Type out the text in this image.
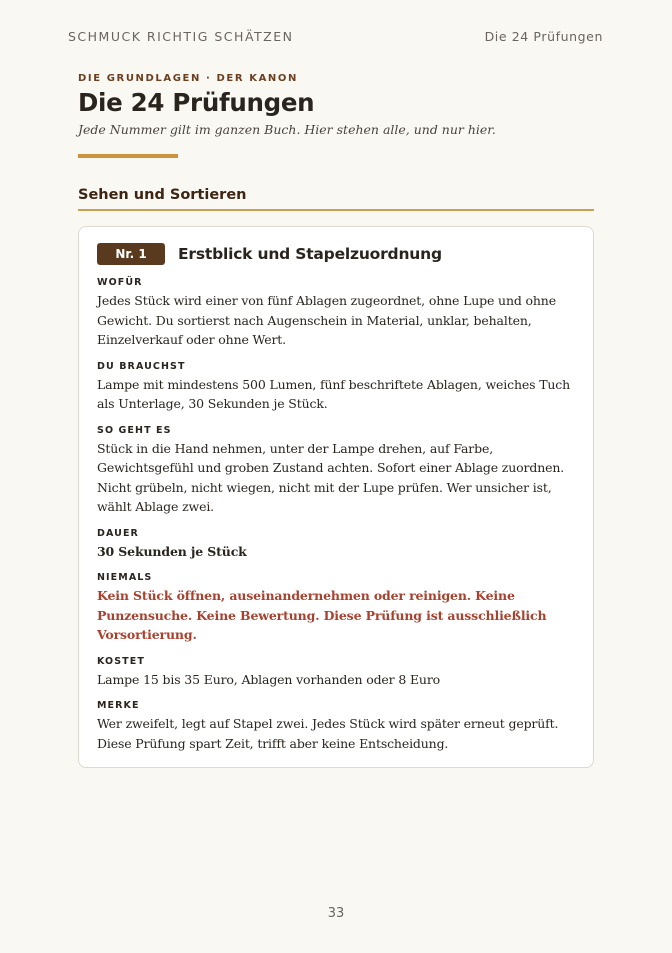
SCHMUCK RICHTIG SCHÄTZEN	Die 24 Prüfungen
DIE GRUNDLAGEN · DER KANON
Die 24 Prüfungen
Jede Nummer gilt im ganzen Buch. Hier stehen alle, und nur hier.
Sehen und Sortieren
Nr. 1	Erstblick und Stapelzuordnung
WOFÜR
Jedes Stück wird einer von fünf Ablagen zugeordnet, ohne Lupe und ohne Gewicht. Du sortierst nach Augenschein in Material, unklar, behalten, Einzelverkauf oder ohne Wert.
DU BRAUCHST
Lampe mit mindestens 500 Lumen, fünf beschriftete Ablagen, weiches Tuch als Unterlage, 30 Sekunden je Stück.
SO GEHT ES
Stück in die Hand nehmen, unter der Lampe drehen, auf Farbe, Gewichtsgefühl und groben Zustand achten. Sofort einer Ablage zuordnen. Nicht grübeln, nicht wiegen, nicht mit der Lupe prüfen. Wer unsicher ist, wählt Ablage zwei.
DAUER
30 Sekunden je Stück
NIEMALS
Kein Stück öffnen, auseinandernehmen oder reinigen. Keine Punzensuche. Keine Bewertung. Diese Prüfung ist ausschließlich Vorsortierung.
KOSTET
Lampe 15 bis 35 Euro, Ablagen vorhanden oder 8 Euro
MERKE
Wer zweifelt, legt auf Stapel zwei. Jedes Stück wird später erneut geprüft. Diese Prüfung spart Zeit, trifft aber keine Entscheidung.
33
